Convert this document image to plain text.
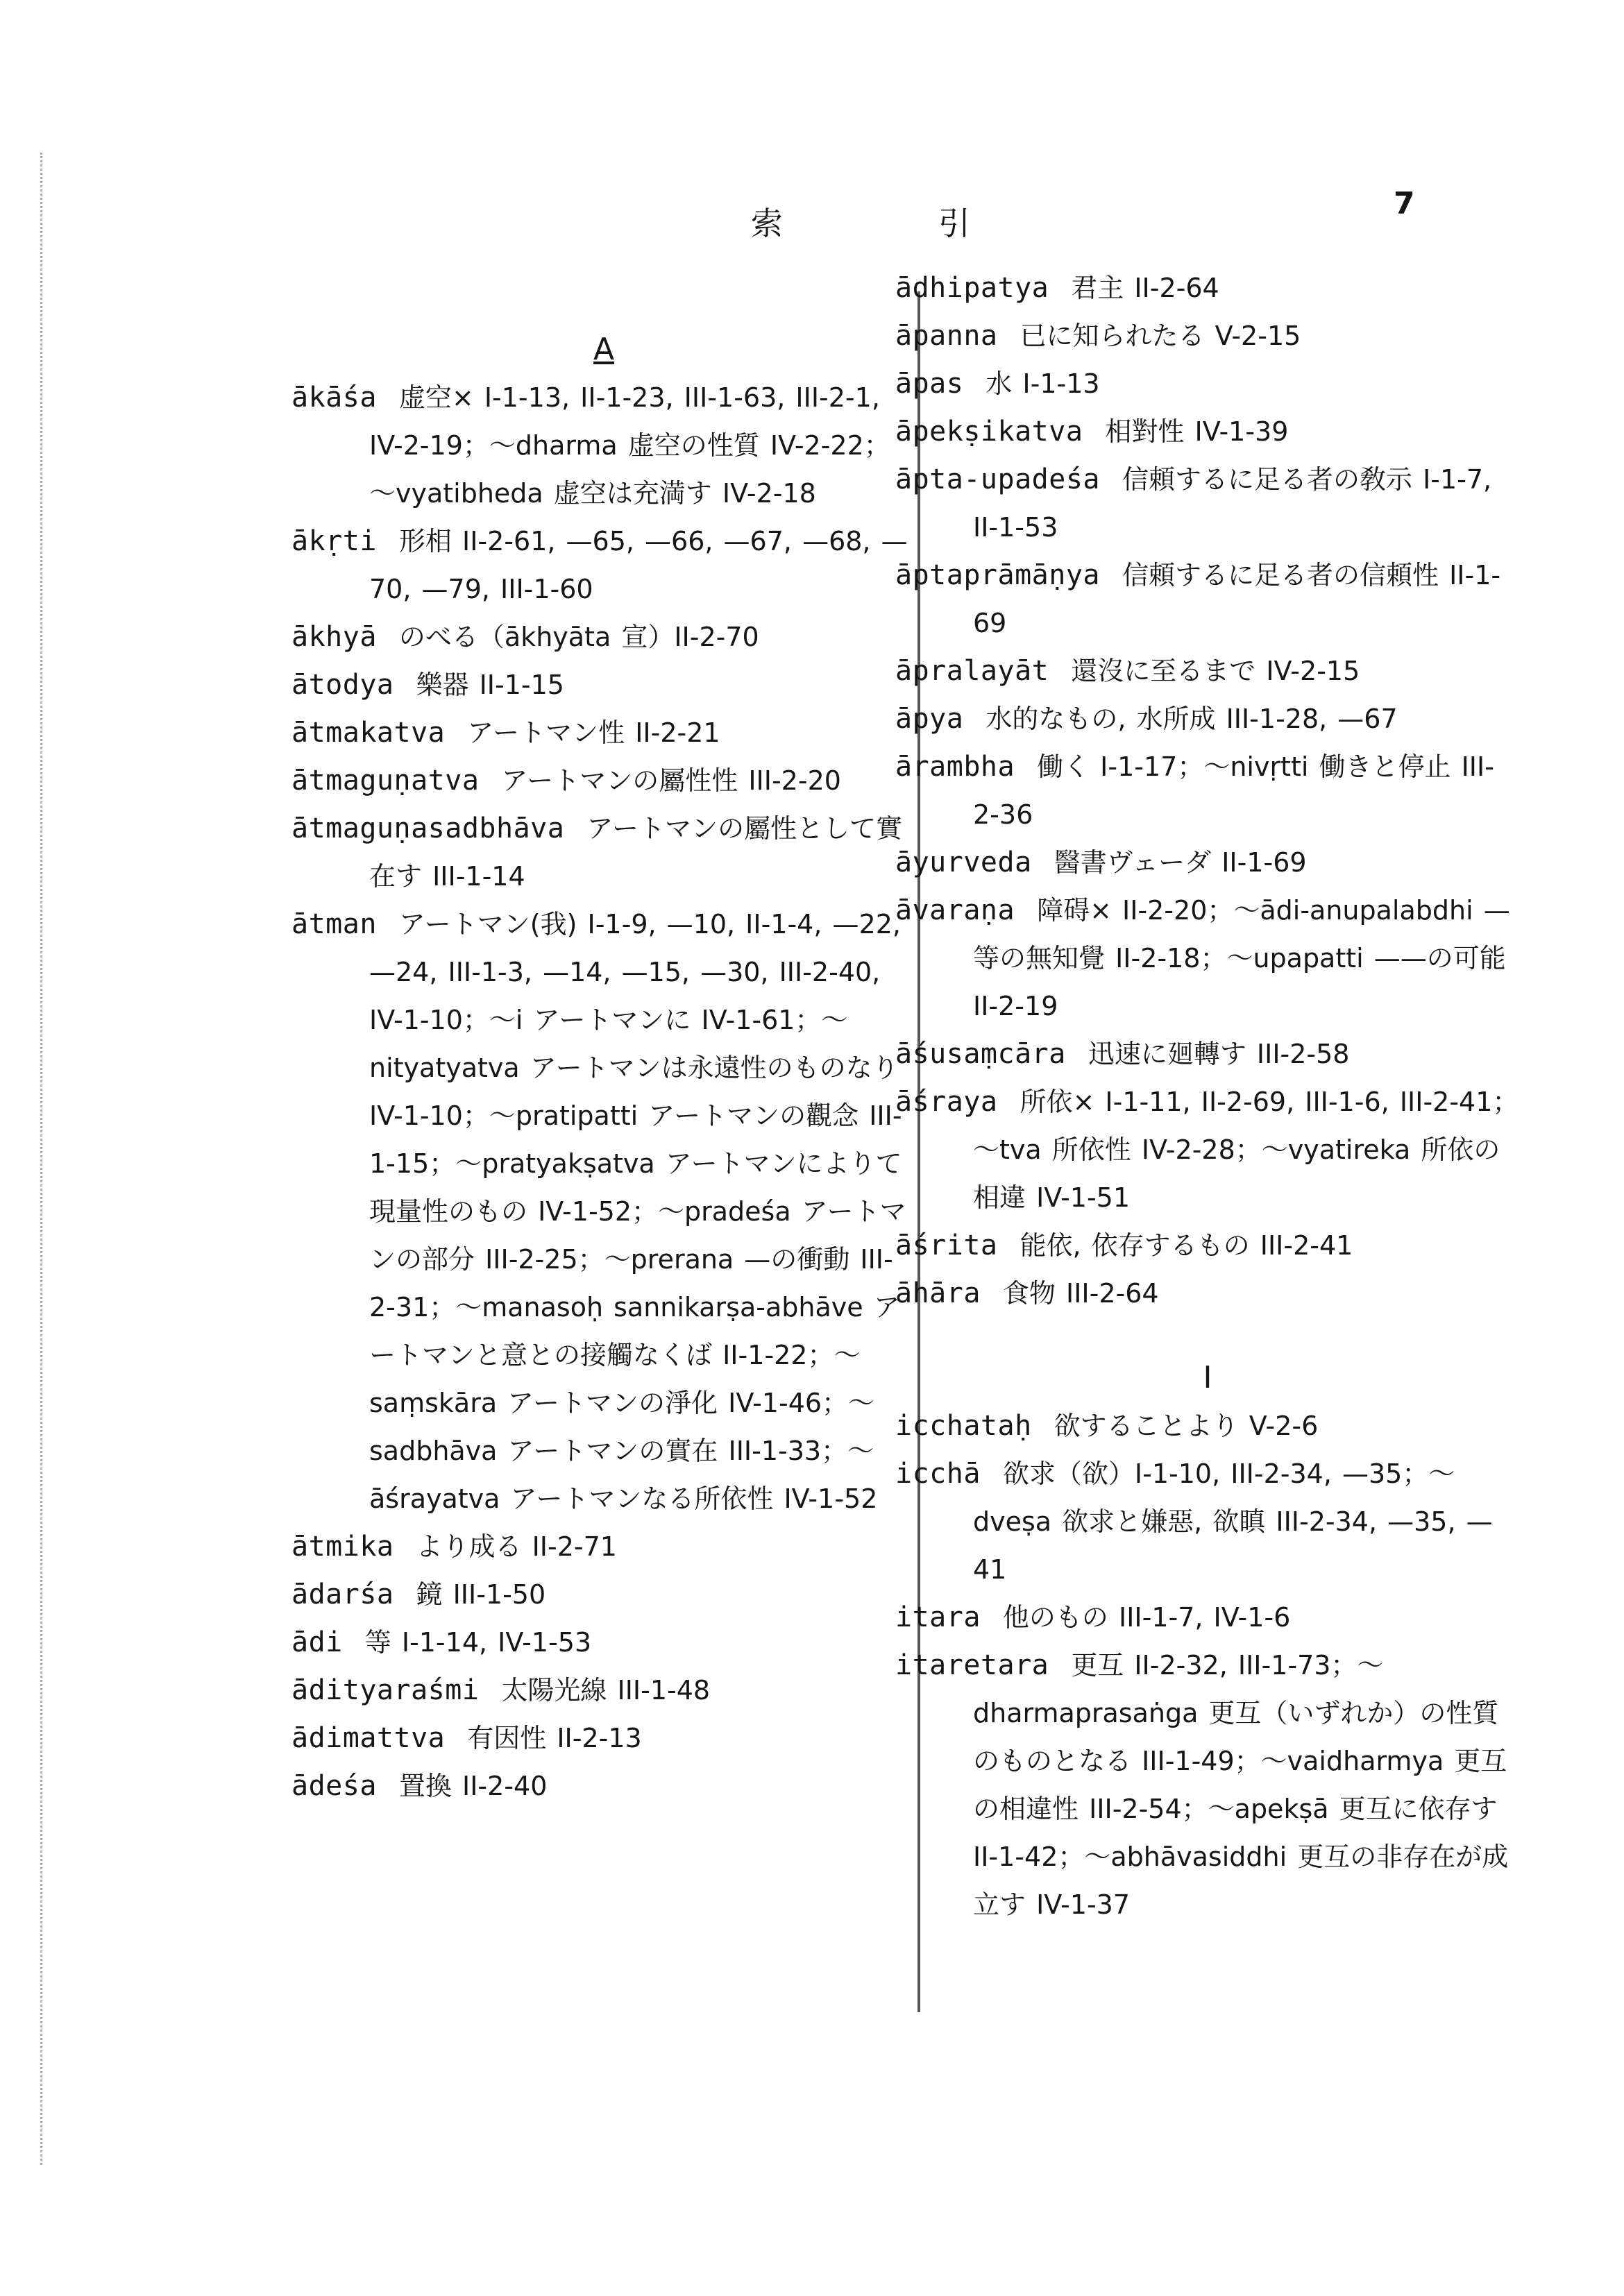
索	引
7
A
ākāśa 虚空× I-1-13, II-1-23, III-1-63, III-2-1, IV-2-19；～dharma 虚空の性質 IV-2-22；～vyatibheda 虚空は充満す IV-2-18
ākṛti 形相 II-2-61, —65, —66, —67, —68, —70, —79, III-1-60
ākhyā のべる（ākhyāta 宣）II-2-70
ātodya 樂器 II-1-15
ātmakatva アートマン性 II-2-21
ātmaguṇatva アートマンの屬性性 III-2-20
ātmaguṇasadbhāva アートマンの屬性として實在す III-1-14
ātman アートマン(我) I-1-9, —10, II-1-4, —22, —24, III-1-3, —14, —15, —30, III-2-40, IV-1-10；～i アートマンに IV-1-61；～nityatyatva アートマンは永遠性のものなり IV-1-10；～pratipatti アートマンの觀念 III-1-15；～pratyakṣatva アートマンによりて現量性のもの IV-1-52；～pradeśa アートマンの部分 III-2-25；～prerana —の衝動 III-2-31；～manasoḥ sannikarṣa-abhāve アートマンと意との接觸なくば II-1-22；～saṃskāra アートマンの淨化 IV-1-46；～sadbhāva アートマンの實在 III-1-33；～āśrayatva アートマンなる所依性 IV-1-52
ātmika より成る II-2-71
ādarśa 鏡 III-1-50
ādi 等 I-1-14, IV-1-53
ādityaraśmi 太陽光線 III-1-48
ādimattva 有因性 II-2-13
ādeśa 置換 II-2-40
ādhipatya 君主 II-2-64
āpanna 已に知られたる V-2-15
āpas 水 I-1-13
āpekṣikatva 相對性 IV-1-39
āpta-upadeśa 信頼するに足る者の敎示 I-1-7, II-1-53
āptaprāmāṇya 信頼するに足る者の信頼性 II-1-69
āpralayāt 還沒に至るまで IV-2-15
āpya 水的なもの, 水所成 III-1-28, —67
ārambha 働く I-1-17；～nivṛtti 働きと停止 III-2-36
āyurveda 醫書ヴェーダ II-1-69
āvaraṇa 障碍× II-2-20；～ādi-anupalabdhi —等の無知覺 II-2-18；～upapatti ——の可能 II-2-19
āśusaṃcāra 迅速に廻轉す III-2-58
āśraya 所依× I-1-11, II-2-69, III-1-6, III-2-41；～tva 所依性 IV-2-28；～vyatireka 所依の相違 IV-1-51
āśrita 能依, 依存するもの III-2-41
āhāra 食物 III-2-64
I
icchataḥ 欲することより V-2-6
icchā 欲求（欲）I-1-10, III-2-34, —35；～dveṣa 欲求と嫌惡, 欲瞋 III-2-34, —35, —41
itara 他のもの III-1-7, IV-1-6
itaretara 更互 II-2-32, III-1-73；～dharmaprasaṅga 更互（いずれか）の性質のものとなる III-1-49；～vaidharmya 更互の相違性 III-2-54；～apekṣā 更互に依存す II-1-42；～abhāvasiddhi 更互の非存在が成立す IV-1-37
